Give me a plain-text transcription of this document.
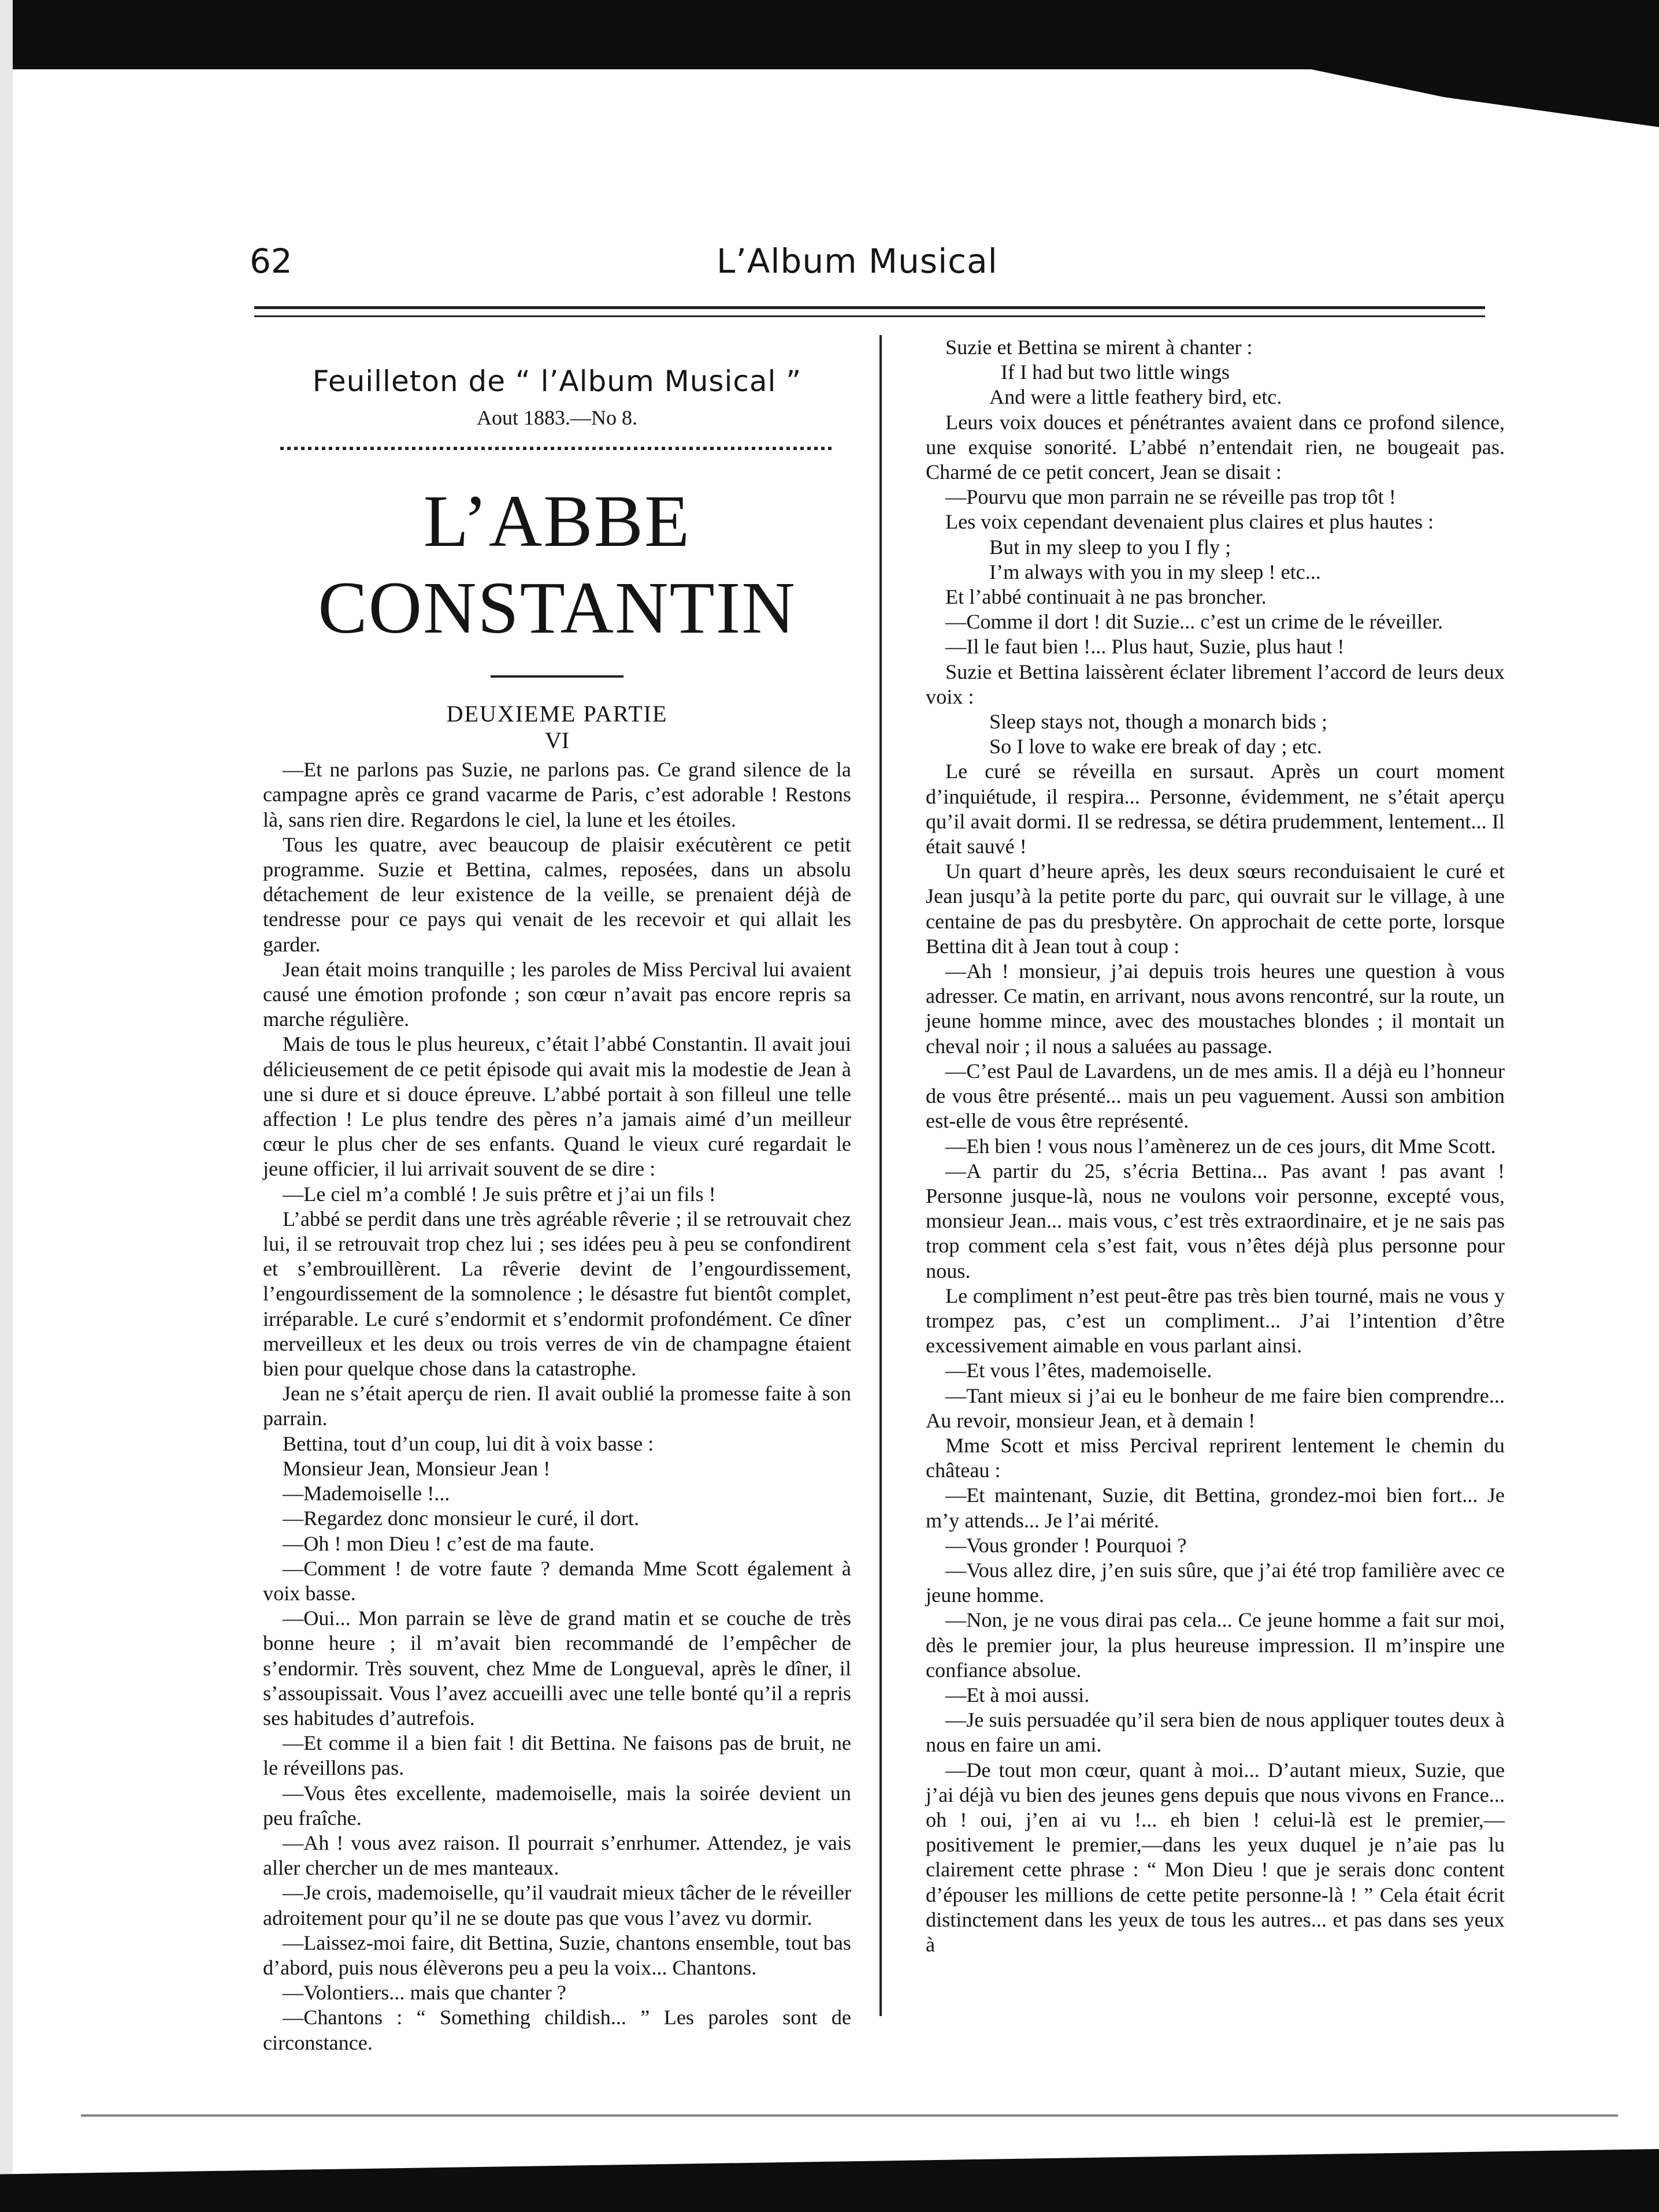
62	L’Album Musical
Feuilleton de “ l’Album Musical ”
Aout 1883.—No 8.
L’ABBE CONSTANTIN
DEUXIEME PARTIE
VI

—Et ne parlons pas Suzie, ne parlons pas. Ce grand silence de la campagne après ce grand vacarme de Paris, c’est adorable ! Restons là, sans rien dire. Regardons le ciel, la lune et les étoiles.

Tous les quatre, avec beaucoup de plaisir exécutèrent ce petit programme. Suzie et Bettina, calmes, reposées, dans un absolu détachement de leur existence de la veille, se prenaient déjà de tendresse pour ce pays qui venait de les recevoir et qui allait les garder.

Jean était moins tranquille ; les paroles de Miss Percival lui avaient causé une émotion profonde ; son cœur n’avait pas encore repris sa marche régulière.

Mais de tous le plus heureux, c’était l’abbé Constantin. Il avait joui délicieusement de ce petit épisode qui avait mis la modestie de Jean à une si dure et si douce épreuve. L’abbé portait à son filleul une telle affection ! Le plus tendre des pères n’a jamais aimé d’un meilleur cœur le plus cher de ses enfants. Quand le vieux curé regardait le jeune officier, il lui arrivait souvent de se dire :

—Le ciel m’a comblé ! Je suis prêtre et j’ai un fils !

L’abbé se perdit dans une très agréable rêverie ; il se retrouvait chez lui, il se retrouvait trop chez lui ; ses idées peu à peu se confondirent et s’embrouillèrent. La rêverie devint de l’engourdissement, l’engourdissement de la somnolence ; le désastre fut bientôt complet, irréparable. Le curé s’endormit et s’endormit profondément. Ce dîner merveilleux et les deux ou trois verres de vin de champagne étaient bien pour quelque chose dans la catastrophe.

Jean ne s’était aperçu de rien. Il avait oublié la promesse faite à son parrain.

Bettina, tout d’un coup, lui dit à voix basse :

Monsieur Jean, Monsieur Jean !

—Mademoiselle !...

—Regardez donc monsieur le curé, il dort.

—Oh ! mon Dieu ! c’est de ma faute.

—Comment ! de votre faute ? demanda Mme Scott également à voix basse.

—Oui... Mon parrain se lève de grand matin et se couche de très bonne heure ; il m’avait bien recommandé de l’empêcher de s’endormir. Très souvent, chez Mme de Longueval, après le dîner, il s’assoupissait. Vous l’avez accueilli avec une telle bonté qu’il a repris ses habitudes d’autrefois.

—Et comme il a bien fait ! dit Bettina. Ne faisons pas de bruit, ne le réveillons pas.

—Vous êtes excellente, mademoiselle, mais la soirée devient un peu fraîche.

—Ah ! vous avez raison. Il pourrait s’enrhumer. Attendez, je vais aller chercher un de mes manteaux.

—Je crois, mademoiselle, qu’il vaudrait mieux tâcher de le réveiller adroitement pour qu’il ne se doute pas que vous l’avez vu dormir.

—Laissez-moi faire, dit Bettina, Suzie, chantons ensemble, tout bas d’abord, puis nous élèverons peu a peu la voix... Chantons.

—Volontiers... mais que chanter ?

—Chantons : “ Something childish... ” Les paroles sont de circonstance.

Suzie et Bettina se mirent à chanter :

If I had but two little wings

And were a little feathery bird, etc.

Leurs voix douces et pénétrantes avaient dans ce profond silence, une exquise sonorité. L’abbé n’entendait rien, ne bougeait pas. Charmé de ce petit concert, Jean se disait :

—Pourvu que mon parrain ne se réveille pas trop tôt !

Les voix cependant devenaient plus claires et plus hautes :

But in my sleep to you I fly ;

I’m always with you in my sleep ! etc...

Et l’abbé continuait à ne pas broncher.

—Comme il dort ! dit Suzie... c’est un crime de le réveiller.

—Il le faut bien !... Plus haut, Suzie, plus haut !

Suzie et Bettina laissèrent éclater librement l’accord de leurs deux voix :

Sleep stays not, though a monarch bids ;

So I love to wake ere break of day ; etc.

Le curé se réveilla en sursaut. Après un court moment d’inquiétude, il respira... Personne, évidemment, ne s’était aperçu qu’il avait dormi. Il se redressa, se détira prudemment, lentement... Il était sauvé !

Un quart d’heure après, les deux sœurs reconduisaient le curé et Jean jusqu’à la petite porte du parc, qui ouvrait sur le village, à une centaine de pas du presbytère. On approchait de cette porte, lorsque Bettina dit à Jean tout à coup :

—Ah ! monsieur, j’ai depuis trois heures une question à vous adresser. Ce matin, en arrivant, nous avons rencontré, sur la route, un jeune homme mince, avec des moustaches blondes ; il montait un cheval noir ; il nous a saluées au passage.

—C’est Paul de Lavardens, un de mes amis. Il a déjà eu l’honneur de vous être présenté... mais un peu vaguement. Aussi son ambition est-elle de vous être représenté.

—Eh bien ! vous nous l’amènerez un de ces jours, dit Mme Scott.

—A partir du 25, s’écria Bettina... Pas avant ! pas avant ! Personne jusque-là, nous ne voulons voir personne, excepté vous, monsieur Jean... mais vous, c’est très extraordinaire, et je ne sais pas trop comment cela s’est fait, vous n’êtes déjà plus personne pour nous.

Le compliment n’est peut-être pas très bien tourné, mais ne vous y trompez pas, c’est un compliment... J’ai l’intention d’être excessivement aimable en vous parlant ainsi.

—Et vous l’êtes, mademoiselle.

—Tant mieux si j’ai eu le bonheur de me faire bien comprendre... Au revoir, monsieur Jean, et à demain !

Mme Scott et miss Percival reprirent lentement le chemin du château :

—Et maintenant, Suzie, dit Bettina, grondez-moi bien fort... Je m’y attends... Je l’ai mérité.

—Vous gronder ! Pourquoi ?

—Vous allez dire, j’en suis sûre, que j’ai été trop familière avec ce jeune homme.

—Non, je ne vous dirai pas cela... Ce jeune homme a fait sur moi, dès le premier jour, la plus heureuse impression. Il m’inspire une confiance absolue.

—Et à moi aussi.

—Je suis persuadée qu’il sera bien de nous appliquer toutes deux à nous en faire un ami.

—De tout mon cœur, quant à moi... D’autant mieux, Suzie, que j’ai déjà vu bien des jeunes gens depuis que nous vivons en France... oh ! oui, j’en ai vu !... eh bien ! celui-là est le premier,—positivement le premier,—dans les yeux duquel je n’aie pas lu clairement cette phrase : “ Mon Dieu ! que je serais donc content d’épouser les millions de cette petite personne-là ! ” Cela était écrit distinctement dans les yeux de tous les autres... et pas dans ses yeux à
